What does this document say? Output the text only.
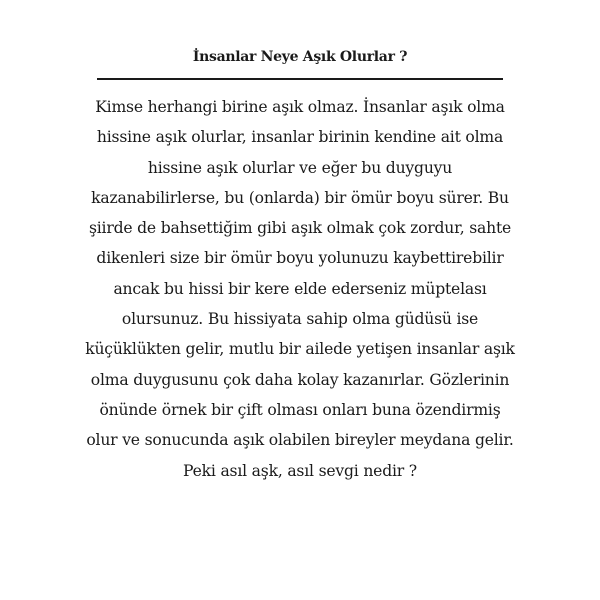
İnsanlar Neye Aşık Olurlar ?
Kimse herhangi birine aşık olmaz. İnsanlar aşık olma
hissine aşık olurlar, insanlar birinin kendine ait olma
hissine aşık olurlar ve eğer bu duyguyu
kazanabilirlerse, bu (onlarda) bir ömür boyu sürer. Bu
şiirde de bahsettiğim gibi aşık olmak çok zordur, sahte
dikenleri size bir ömür boyu yolunuzu kaybettirebilir
ancak bu hissi bir kere elde ederseniz müptelası
olursunuz. Bu hissiyata sahip olma güdüsü ise
küçüklükten gelir, mutlu bir ailede yetişen insanlar aşık
olma duygusunu çok daha kolay kazanırlar. Gözlerinin
önünde örnek bir çift olması onları buna özendirmiş
olur ve sonucunda aşık olabilen bireyler meydana gelir.
Peki asıl aşk, asıl sevgi nedir ?
